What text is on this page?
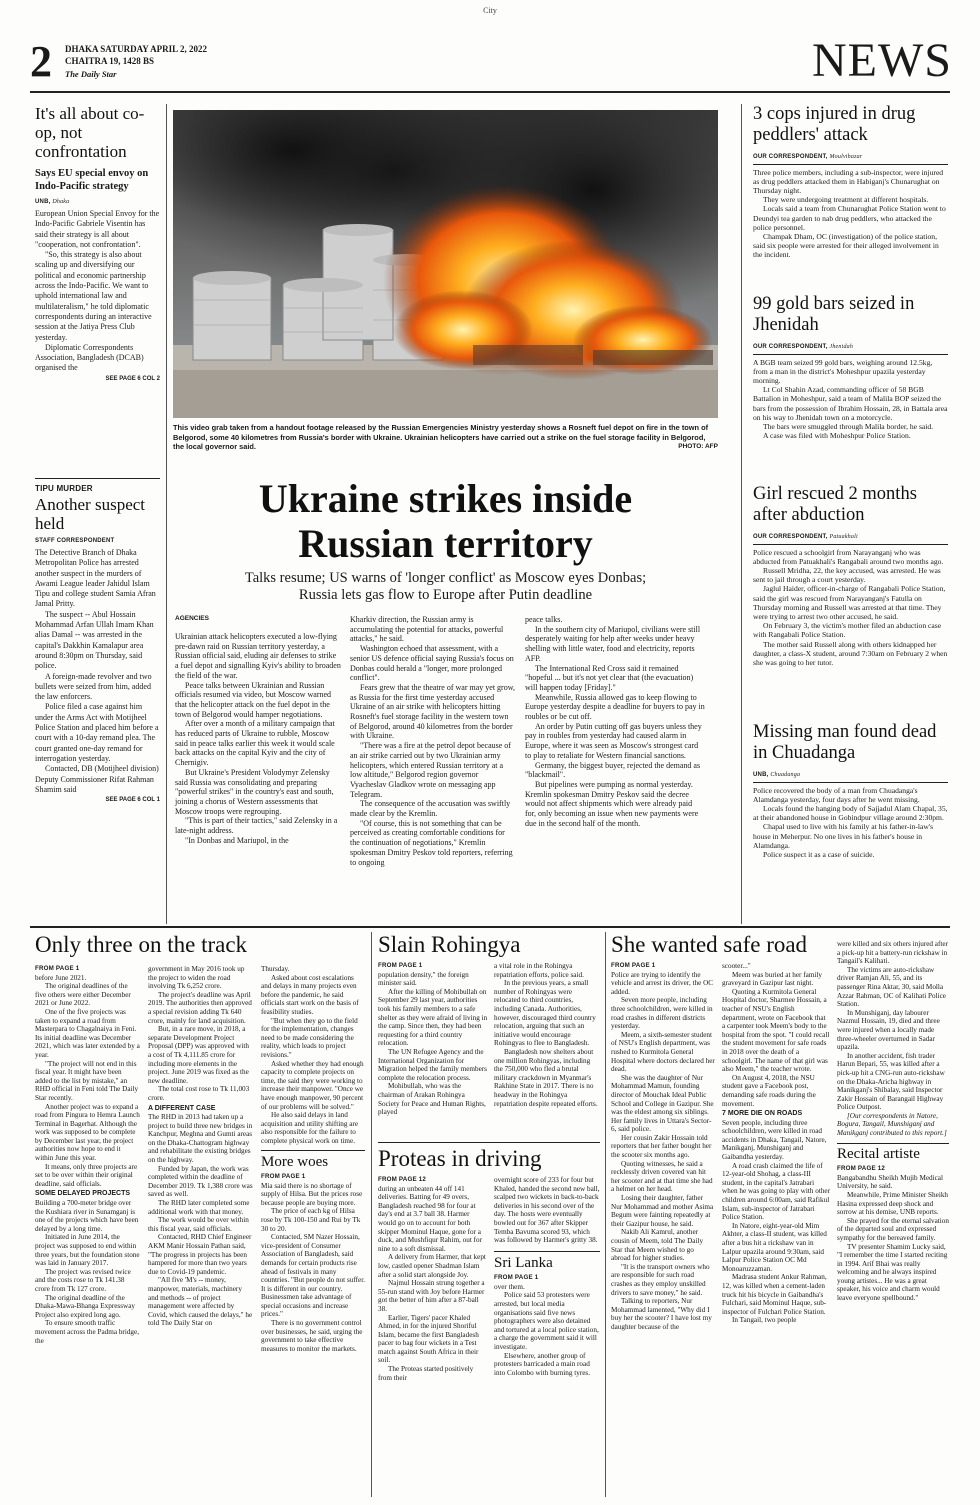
City
2 DHAKA SATURDAY APRIL 2, 2022
CHAITRA 19, 1428 BS
The Daily Star	NEWS
It's all about co-op, not confrontation
Says EU special envoy on Indo-Pacific strategy
UNB, Dhaka

European Union Special Envoy for the Indo-Pacific Gabriele Visentin has said their strategy is all about "cooperation, not confrontation".

"So, this strategy is also about scaling up and diversifying our political and economic partnership across the Indo-Pacific. We want to uphold international law and multilateralism," he told diplomatic correspondents during an interactive session at the Jatiya Press Club yesterday.

Diplomatic Correspondents Association, Bangladesh (DCAB) organised the

SEE PAGE 6 COL 2
TIPU MURDER
Another suspect held
STAFF CORRESPONDENT

The Detective Branch of Dhaka Metropolitan Police has arrested another suspect in the murders of Awami League leader Jahidul Islam Tipu and college student Samia Afran Jamal Pritty.

The suspect -- Abul Hossain Mohammad Arfan Ullah Imam Khan alias Damal -- was arrested in the capital's Dakkhin Kamalapur area around 8:30pm on Thursday, said police.

A foreign-made revolver and two bullets were seized from him, added the law enforcers.

Police filed a case against him under the Arms Act with Motijheel Police Station and placed him before a court with a 10-day remand plea. The court granted one-day remand for interrogation yesterday.

Contacted, DB (Motijheel division) Deputy Commissioner Rifat Rahman Shamim said

SEE PAGE 6 COL 1
This video grab taken from a handout footage released by the Russian Emergencies Ministry yesterday shows a Rosneft fuel depot on fire in the town of Belgorod, some 40 kilometres from Russia's border with Ukraine. Ukrainian helicopters have carried out a strike on the fuel storage facility in Belgorod, the local governor said.	PHOTO: AFP
Ukraine strikes inside
Russian territory
Talks resume; US warns of 'longer conflict' as Moscow eyes Donbas;
Russia lets gas flow to Europe after Putin deadline
AGENCIES

Ukrainian attack helicopters executed a low-flying pre-dawn raid on Russian territory yesterday, a Russian official said, eluding air defenses to strike a fuel depot and signalling Kyiv's ability to broaden the field of the war.

Peace talks between Ukrainian and Russian officials resumed via video, but Moscow warned that the helicopter attack on the fuel depot in the town of Belgorod would hamper negotiations.

After over a month of a military campaign that has reduced parts of Ukraine to rubble, Moscow said in peace talks earlier this week it would scale back attacks on the capital Kyiv and the city of Chernigiv.

But Ukraine's President Volodymyr Zelensky said Russia was consolidating and preparing "powerful strikes" in the country's east and south, joining a chorus of Western assessments that Moscow troops were regrouping.

"This is part of their tactics," said Zelensky in a late-night address.

"In Donbas and Mariupol, in the

Kharkiv direction, the Russian army is accumulating the potential for attacks, powerful attacks," he said.

Washington echoed that assessment, with a senior US defence official saying Russia's focus on Donbas could herald a "longer, more prolonged conflict".

Fears grew that the theatre of war may yet grow, as Russia for the first time yesterday accused Ukraine of an air strike with helicopters hitting Rosneft's fuel storage facility in the western town of Belgorod, around 40 kilometres from the border with Ukraine.

"There was a fire at the petrol depot because of an air strike carried out by two Ukrainian army helicopters, which entered Russian territory at a low altitude," Belgorod region governor Vyacheslav Gladkov wrote on messaging app Telegram.

The consequence of the accusation was swiftly made clear by the Kremlin.

"Of course, this is not something that can be perceived as creating comfortable conditions for the continuation of negotiations," Kremlin spokesman Dmitry Peskov told reporters, referring to ongoing

peace talks.

In the southern city of Mariupol, civilians were still desperately waiting for help after weeks under heavy shelling with little water, food and electricity, reports AFP.

The International Red Cross said it remained "hopeful ... but it's not yet clear that (the evacuation) will happen today [Friday]."

Meanwhile, Russia allowed gas to keep flowing to Europe yesterday despite a deadline for buyers to pay in roubles or be cut off.

An order by Putin cutting off gas buyers unless they pay in roubles from yesterday had caused alarm in Europe, where it was seen as Moscow's strongest card to play to retaliate for Western financial sanctions.

Germany, the biggest buyer, rejected the demand as "blackmail".

But pipelines were pumping as normal yesterday. Kremlin spokesman Dmitry Peskov said the decree would not affect shipments which were already paid for, only becoming an issue when new payments were due in the second half of the month.

3 cops injured in drug peddlers' attack
OUR CORRESPONDENT, Moulvibazar

Three police members, including a sub-inspector, were injured as drug peddlers attacked them in Habiganj's Chunarughat on Thursday night.

They were undergoing treatment at different hospitals.

Locals said a team from Chunarughat Police Station went to Deundyi tea garden to nab drug peddlers, who attacked the police personnel.

Champak Dham, OC (investigation) of the police station, said six people were arrested for their alleged involvement in the incident.

99 gold bars seized in Jhenidah
OUR CORRESPONDENT, Jhenidah

A BGB team seized 99 gold bars, weighing around 12.5kg, from a man in the district's Moheshpur upazila yesterday morning.

Lt Col Shahin Azad, commanding officer of 58 BGB Battalion in Moheshpur, said a team of Malila BOP seized the bars from the possession of Ibrahim Hossain, 28, in Battala area on his way to Jhenidah town on a motorcycle.

The bars were smuggled through Malila border, he said.

A case was filed with Moheshpur Police Station.

Girl rescued 2 months after abduction
OUR CORRESPONDENT, Patuakhali

Police rescued a schoolgirl from Narayanganj who was abducted from Patuakhali's Rangabali around two months ago.

Russell Mridha, 22, the key accused, was arrested. He was sent to jail through a court yesterday.

Jaglul Haider, officer-in-charge of Rangabali Police Station, said the girl was rescued from Narayanganj's Fatulla on Thursday morning and Russell was arrested at that time. They were trying to arrest two other accused, he said.

On February 3, the victim's mother filed an abduction case with Rangabali Police Station.

The mother said Russell along with others kidnapped her daughter, a class-X student, around 7:30am on February 2 when she was going to her tutor.

Missing man found dead in Chuadanga
UNB, Chuadanga

Police recovered the body of a man from Chuadanga's Alamdanga yesterday, four days after he went missing.

Locals found the hanging body of Sajjadul Alam Chapal, 35, at their abandoned house in Gobindpur village around 2:30pm.

Chapal used to live with his family at his father-in-law's house in Meherpur. No one lives in his father's house in Alamdanga.

Police suspect it as a case of suicide.

Only three on the track
FROM PAGE 1

before June 2021.

The original deadlines of the five others were either December 2021 or June 2022.

One of the five projects was taken to expand a road from Masterpara to Chagalnaiya in Feni. Its initial deadline was December 2021, which was later extended by a year.

"The project will not end in this fiscal year. It might have been added to the list by mistake," an RHD official in Feni told The Daily Star recently.

Another project was to expand a road from Pingura to Hemra Launch Terminal in Bagerhat. Although the work was supposed to be complete by December last year, the project authorities now hope to end it within June this year.

It means, only three projects are set to be over within their original deadline, said officials.

SOME DELAYED PROJECTS

Building a 700-meter bridge over the Kushiara river in Sunamganj is one of the projects which have been delayed by a long time.

Initiated in June 2014, the project was supposed to end within three years, but the foundation stone was laid in January 2017.

The project was revised twice and the costs rose to Tk 141.38 crore from Tk 127 crore.

The original deadline of the Dhaka-Mawa-Bhanga Expressway Project also expired long ago.

To ensure smooth traffic movement across the Padma bridge, the

government in May 2016 took up the project to widen the road involving Tk 6,252 crore.

The project's deadline was April 2019. The authorities then approved a special revision adding Tk 640 crore, mainly for land acquisition.

But, in a rare move, in 2018, a separate Development Project Proposal (DPP) was approved with a cost of Tk 4,111.85 crore for including more elements in the project. June 2019 was fixed as the new deadline.

The total cost rose to Tk 11,003 crore.

A DIFFERENT CASE

The RHD in 2013 had taken up a project to build three new bridges in Kanchpur, Meghna and Gumti areas on the Dhaka-Chattogram highway and rehabilitate the existing bridges on the highway.

Funded by Japan, the work was completed within the deadline of December 2019. Tk 1,388 crore was saved as well.

The RHD later completed some additional work with that money.

The work would be over within this fiscal year, said officials.

Contacted, RHD Chief Engineer AKM Manir Hossain Pathan said, "The progress in projects has been hampered for more than two years due to Covid-19 pandemic.

"All five 'M's -- money, manpower, materials, machinery and methods -- of project management were affected by Covid, which caused the delays," he told The Daily Star on

Thursday.

Asked about cost escalations and delays in many projects even before the pandemic, he said officials start work on the basis of feasibility studies.

"But when they go to the field for the implementation, changes need to be made considering the reality, which leads to project revisions."

Asked whether they had enough capacity to complete projects on time, the said they were working to increase their manpower. "Once we have enough manpower, 90 percent of our problems will be solved."

He also said delays in land acquisition and utility shifting are also responsible for the failure to complete physical work on time.

More woes
FROM PAGE 1

Mia said there is no shortage of supply of Hilsa. But the prices rose because people are buying more.

The price of each kg of Hilsa rose by Tk 100-150 and Rui by Tk 30 to 20.

Contacted, SM Nazer Hossain, vice-president of Consumer Association of Bangladesh, said demands for certain products rise ahead of festivals in many countries. "But people do not suffer. It is different in our country. Businessmen take advantage of special occasions and increase prices."

There is no government control over businesses, he said, urging the government to take effective measures to monitor the markets.

Slain Rohingya
FROM PAGE 1

population density," the foreign minister said.

After the killing of Mohibullah on September 29 last year, authorities took his family members to a safe shelter as they were afraid of living in the camp. Since then, they had been requesting for a third country relocation.

The UN Refugee Agency and the International Organization for Migration helped the family members complete the relocation process.

Mohibullah, who was the chairman of Arakan Rohingya Society for Peace and Human Rights, played

a vital role in the Rohingya repatriation efforts, police said.

In the previous years, a small number of Rohingyas were relocated to third countries, including Canada. Authorities, however, discouraged third country relocation, arguing that such an initiative would encourage Rohingyas to flee to Bangladesh.

Bangladesh now shelters about one million Rohingyas, including the 750,000 who fled a brutal military crackdown in Myanmar's Rakhine State in 2017. There is no headway in the Rohingya repatriation despite repeated efforts.

Proteas in driving
FROM PAGE 12

during an unbeaten 44 off 141 deliveries. Batting for 49 overs, Bangladesh reached 98 for four at day's end at 3.7 ball 38. Harmer would go on to account for both skipper Mominul Haque, gone for a duck, and Mushfiqur Rahim, out for nine to a soft dismissal.

A delivery from Harmer, that kept low, castled opener Shadman Islam after a solid start alongside Joy.

Najmul Hossain strung together a 55-run stand with Joy before Harmer got the better of him after a 87-ball 38.

Earlier, Tigers' pacer Khaled Ahmed, in for the injured Shoriful Islam, became the first Bangladesh pacer to bag four wickets in a Test match against South Africa in their soil.

The Proteas started positively from their

overnight score of 233 for four but Khaled, handed the second new ball, scalped two wickets in back-to-back deliveries in his second over of the day. The hosts were eventually bowled out for 367 after Skipper Temba Bavuma scored 93, which was followed by Harmer's gritty 38.

Sri Lanka
FROM PAGE 1

over them.

Police said 53 protesters were arrested, but local media organisations said five news photographers were also detained and tortured at a local police station, a charge the government said it will investigate.

Elsewhere, another group of protesters barricaded a main road into Colombo with burning tyres.

She wanted safe road
FROM PAGE 1

Police are trying to identify the vehicle and arrest its driver, the OC added.

Seven more people, including three schoolchildren, were killed in road crashes in different districts yesterday.

Meem, a sixth-semester student of NSU's English department, was rushed to Kurmitola General Hospital where doctors declared her dead.

She was the daughter of Nur Mohammad Mamun, founding director of Mouchak Ideal Public School and College in Gazipur. She was the eldest among six siblings. Her family lives in Uttara's Sector-6, said police.

Her cousin Zakir Hossain told reporters that her father bought her the scooter six months ago.

Quoting witnesses, he said a recklessly driven covered van hit her scooter and at that time she had a helmet on her head.

Losing their daughter, father Nur Mohammad and mother Asima Begum were fainting repeatedly at their Gazipur house, he said.

Nakib Ali Kamrul, another cousin of Meem, told The Daily Star that Meem wished to go abroad for higher studies.

"It is the transport owners who are responsible for such road crashes as they employ unskilled drivers to save money," he said.

Talking to reporters, Nur Mohammad lamented, "Why did I buy her the scooter? I have lost my daughter because of the

scooter..."

Meem was buried at her family graveyard in Gazipur last night.

Quoting a Kurmitola General Hospital doctor, Sharmee Hossain, a teacher of NSU's English department, wrote on Facebook that a carpenter took Meem's body to the hospital from the spot. "I could recall the student movement for safe roads in 2018 over the death of a schoolgirl. The name of that girl was also Meem," the teacher wrote.

On August 4, 2018, the NSU student gave a Facebook post, demanding safe roads during the movement.

7 MORE DIE ON ROADS

Seven people, including three schoolchildren, were killed in road accidents in Dhaka, Tangail, Natore, Manikganj, Munshiganj and Gaibandha yesterday.

A road crash claimed the life of 12-year-old Shohag, a class-III student, in the capital's Jatrabari when he was going to play with other children around 6:00am, said Rafikul Islam, sub-inspector of Jatrabari Police Station.

In Natore, eight-year-old Mim Akhter, a class-II student, was killed after a bus hit a rickshaw van in Lalpur upazila around 9:30am, said Lalpur Police Station OC Md Monoaruzzaman.

Madrasa student Ankur Rahman, 12, was killed when a cement-laden truck hit his bicycle in Gaibandha's Fulchari, said Mominul Haque, sub-inspector of Fulchari Police Station.

In Tangail, two people

were killed and six others injured after a pick-up hit a battery-run rickshaw in Tangail's Kalihati.

The victims are auto-rickshaw driver Ramjan Ali, 55, and its passenger Rina Aktar, 30, said Molla Azzar Rahman, OC of Kalihati Police Station.

In Munshiganj, day labourer Nazmul Hossain, 19, died and three were injured when a locally made three-wheeler overturned in Sadar upazila.

In another accident, fish trader Harun Bepari, 55, was killed after a pick-up hit a CNG-run auto-rickshaw on the Dhaka-Aricha highway in Manikganj's Shibalay, said Inspector Zakir Hossain of Barangail Highway Police Outpost.

[Our correspondents in Natore, Bogura, Tangail, Munshiganj and Manikganj contributed to this report.]

Recital artiste
FROM PAGE 12

Bangabandhu Sheikh Mujib Medical University, he said.

Meanwhile, Prime Minister Sheikh Hasina expressed deep shock and sorrow at his demise, UNB reports.

She prayed for the eternal salvation of the departed soul and expressed sympathy for the bereaved family.

TV presenter Shamim Lucky said, "I remember the time I started reciting in 1994. Arif Bhai was really welcoming and he always inspired young artistes... He was a great speaker, his voice and charm would leave everyone spellbound."
